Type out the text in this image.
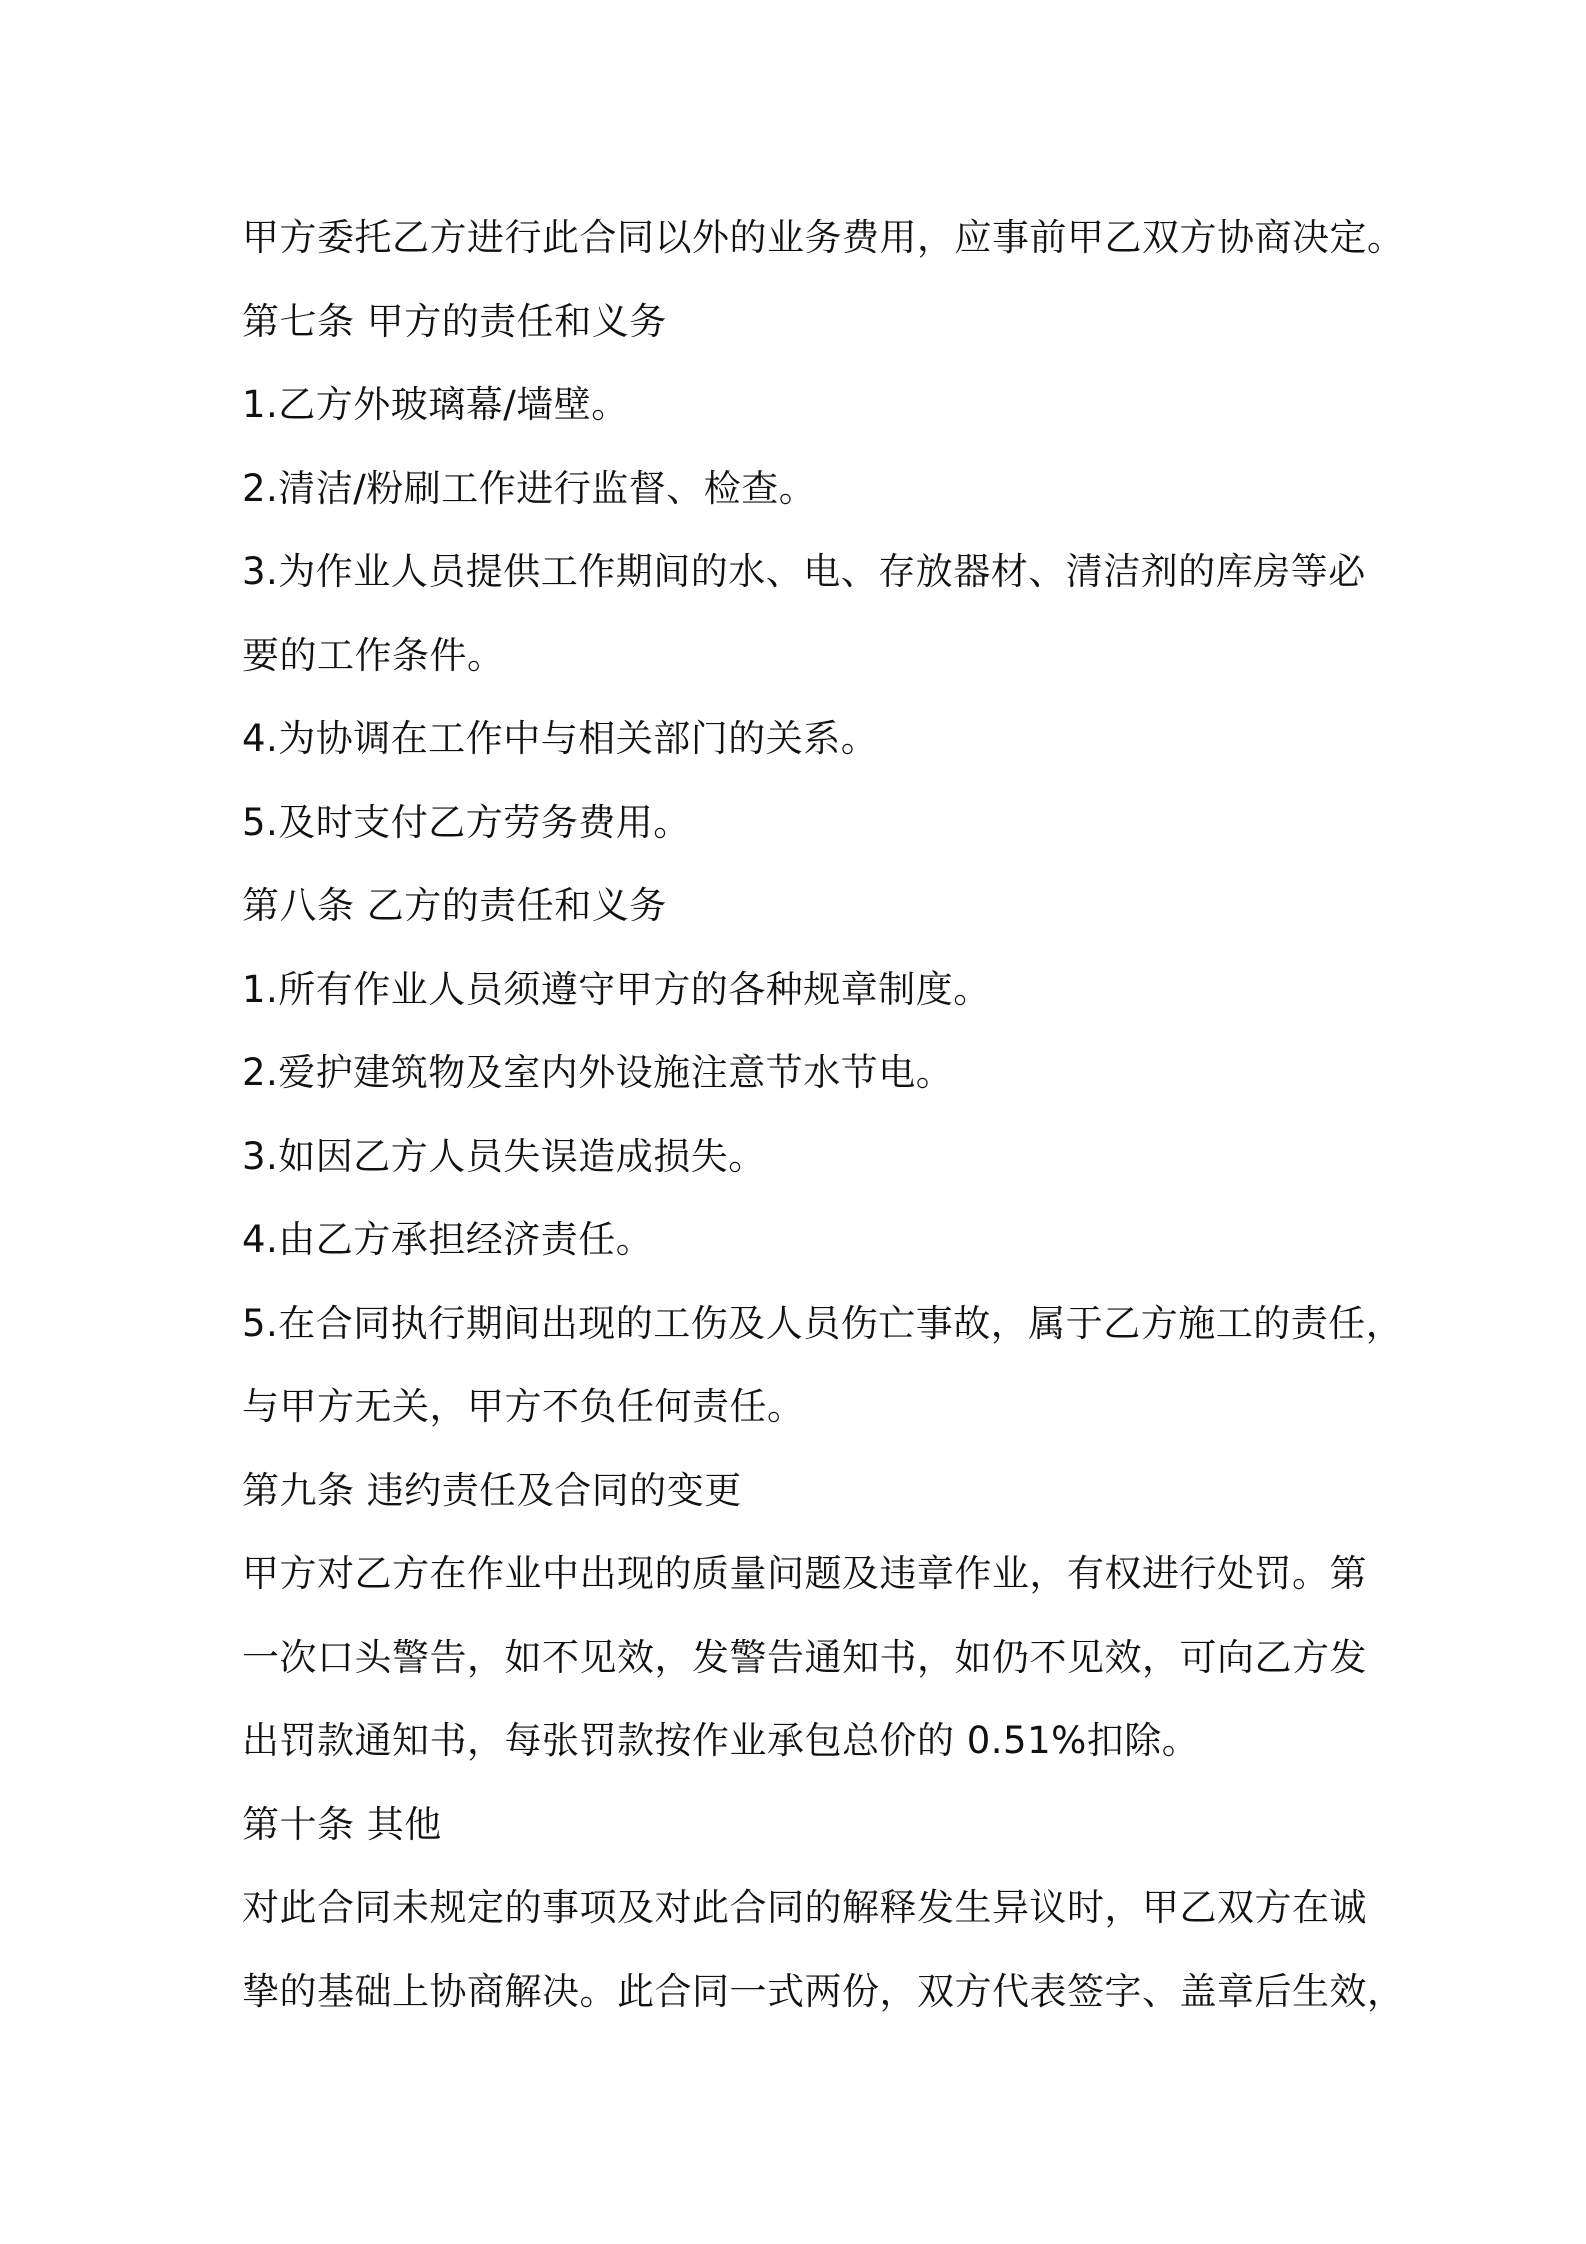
甲方委托乙方进行此合同以外的业务费用，应事前甲乙双方协商决定。
第七条 甲方的责任和义务
1.乙方外玻璃幕/墙壁。
2.清洁/粉刷工作进行监督、检查。
3.为作业人员提供工作期间的水、电、存放器材、清洁剂的库房等必
要的工作条件。
4.为协调在工作中与相关部门的关系。
5.及时支付乙方劳务费用。
第八条 乙方的责任和义务
1.所有作业人员须遵守甲方的各种规章制度。
2.爱护建筑物及室内外设施注意节水节电。
3.如因乙方人员失误造成损失。
4.由乙方承担经济责任。
5.在合同执行期间出现的工伤及人员伤亡事故，属于乙方施工的责任，
与甲方无关，甲方不负任何责任。
第九条 违约责任及合同的变更
甲方对乙方在作业中出现的质量问题及违章作业，有权进行处罚。第
一次口头警告，如不见效，发警告通知书，如仍不见效，可向乙方发
出罚款通知书，每张罚款按作业承包总价的 0.51%扣除。
第十条 其他
对此合同未规定的事项及对此合同的解释发生异议时，甲乙双方在诚
挚的基础上协商解决。此合同一式两份，双方代表签字、盖章后生效，
